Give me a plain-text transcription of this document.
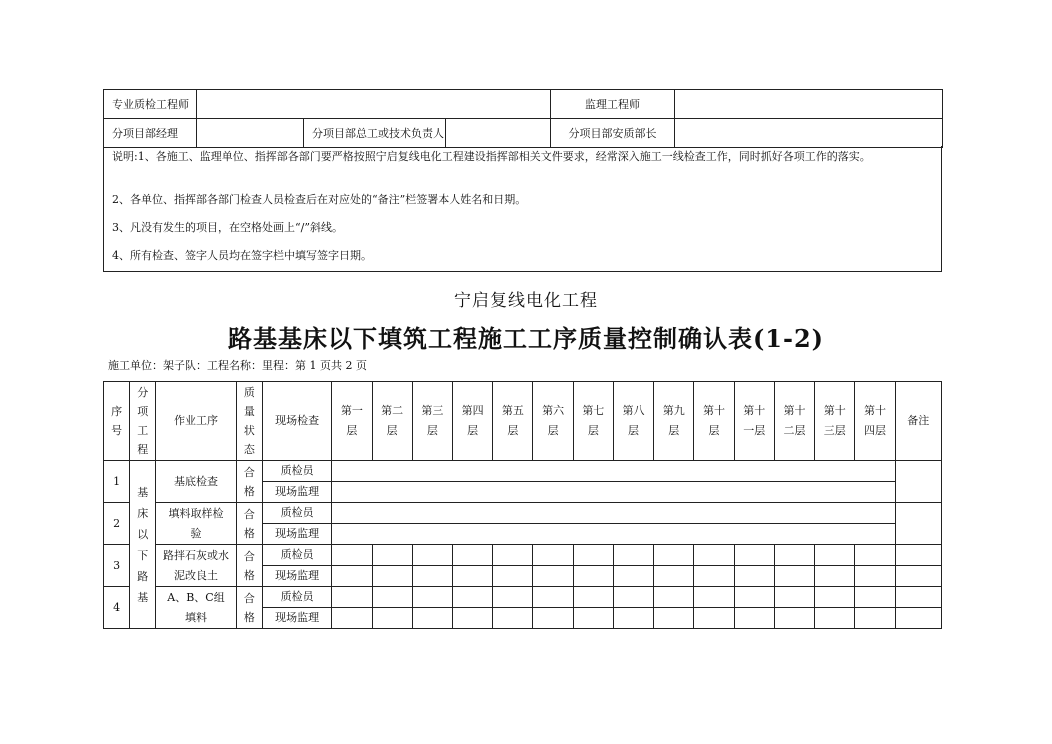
专业质检工程师				监理工程师	
分项目部经理		分项目部总工或技术负责人		分项目部安质部长	
说明:1、各施工、监理单位、指挥部各部门要严格按照宁启复线电化工程建设指挥部相关文件要求，经常深入施工一线检查工作，同时抓好各项工作的落实。
2、各单位、指挥部各部门检查人员检查后在对应处的“备注”栏签署本人姓名和日期。
3、凡没有发生的项目，在空格处画上“/”斜线。
4、所有检查、签字人员均在签字栏中填写签字日期。
宁启复线电化工程
路基基床以下填筑工程施工工序质量控制确认表(1-2)
施工单位：架子队：工程名称：里程：第 1 页共 2 页
序号	分项工程	作业工序	质量状态	现场检查	第一层	第二层	第三层	第四层	第五层	第六层	第七层	第八层	第九层	第十层	第十一层	第十二层	第十三层	第十四层	备注
1	基床以下路基	基底检查	合格	质检员															
				现场监理															
2		填料取样检验	合格	质检员															
				现场监理															
3		路拌石灰或水泥改良土	合格	质检员															
				现场监理															
4		A、B、C组填料	合格	质检员															
				现场监理															
